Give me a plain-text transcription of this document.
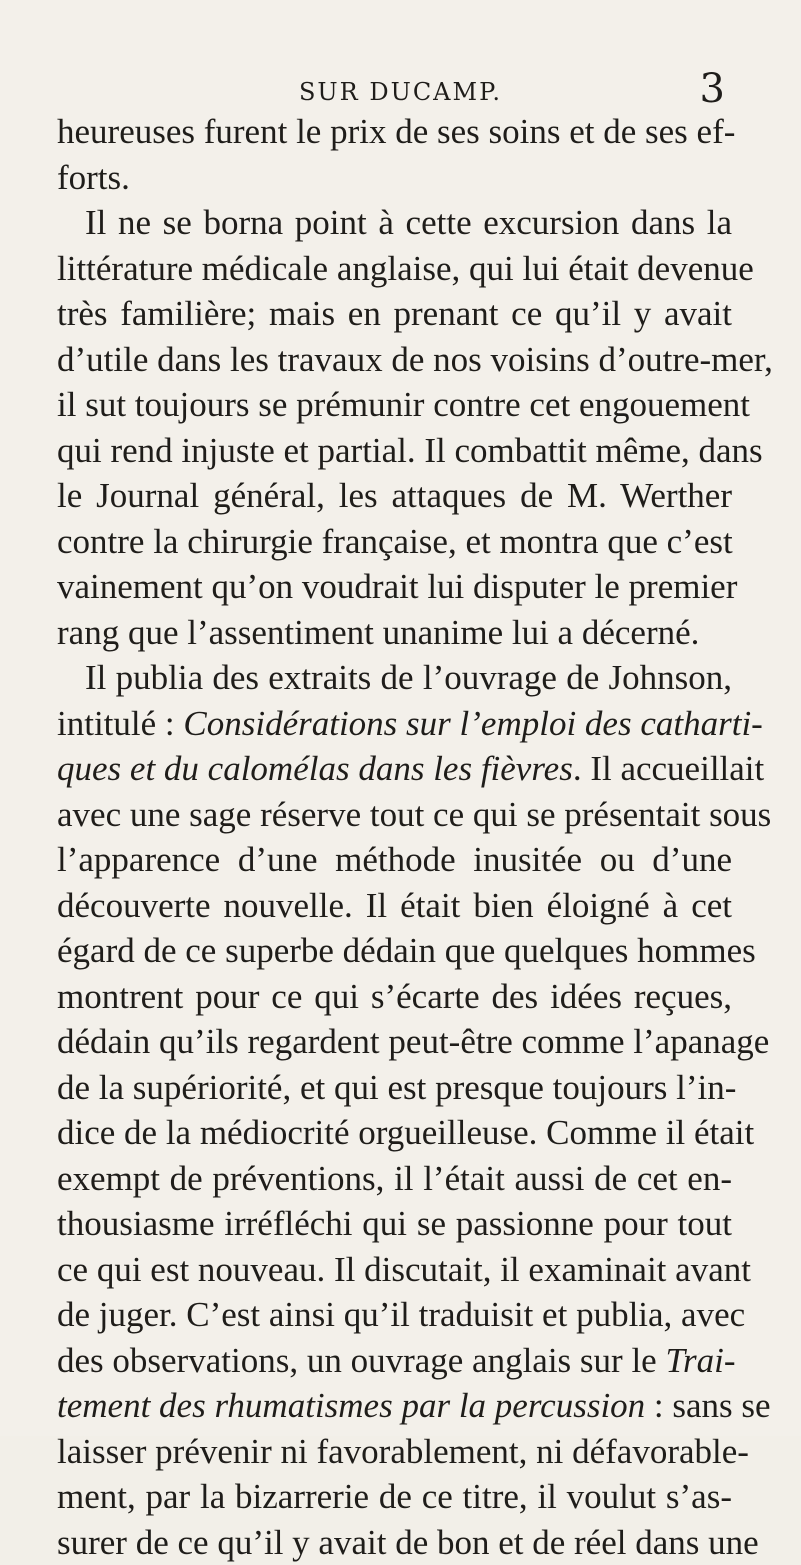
SUR DUCAMP.	3
heureuses furent le prix de ses soins et de ses ef-
forts.
Il ne se borna point à cette excursion dans la
littérature médicale anglaise, qui lui était devenue
très familière; mais en prenant ce qu’il y avait
d’utile dans les travaux de nos voisins d’outre-mer,
il sut toujours se prémunir contre cet engouement
qui rend injuste et partial. Il combattit même, dans
le Journal général, les attaques de M. Werther
contre la chirurgie française, et montra que c’est
vainement qu’on voudrait lui disputer le premier
rang que l’assentiment unanime lui a décerné.
Il publia des extraits de l’ouvrage de Johnson,
intitulé : Considérations sur l’emploi des catharti-
ques et du calomélas dans les fièvres. Il accueillait
avec une sage réserve tout ce qui se présentait sous
l’apparence d’une méthode inusitée ou d’une
découverte nouvelle. Il était bien éloigné à cet
égard de ce superbe dédain que quelques hommes
montrent pour ce qui s’écarte des idées reçues,
dédain qu’ils regardent peut-être comme l’apanage
de la supériorité, et qui est presque toujours l’in-
dice de la médiocrité orgueilleuse. Comme il était
exempt de préventions, il l’était aussi de cet en-
thousiasme irréfléchi qui se passionne pour tout
ce qui est nouveau. Il discutait, il examinait avant
de juger. C’est ainsi qu’il traduisit et publia, avec
des observations, un ouvrage anglais sur le Trai-
tement des rhumatismes par la percussion : sans se
laisser prévenir ni favorablement, ni défavorable-
ment, par la bizarrerie de ce titre, il voulut s’as-
surer de ce qu’il y avait de bon et de réel dans une
